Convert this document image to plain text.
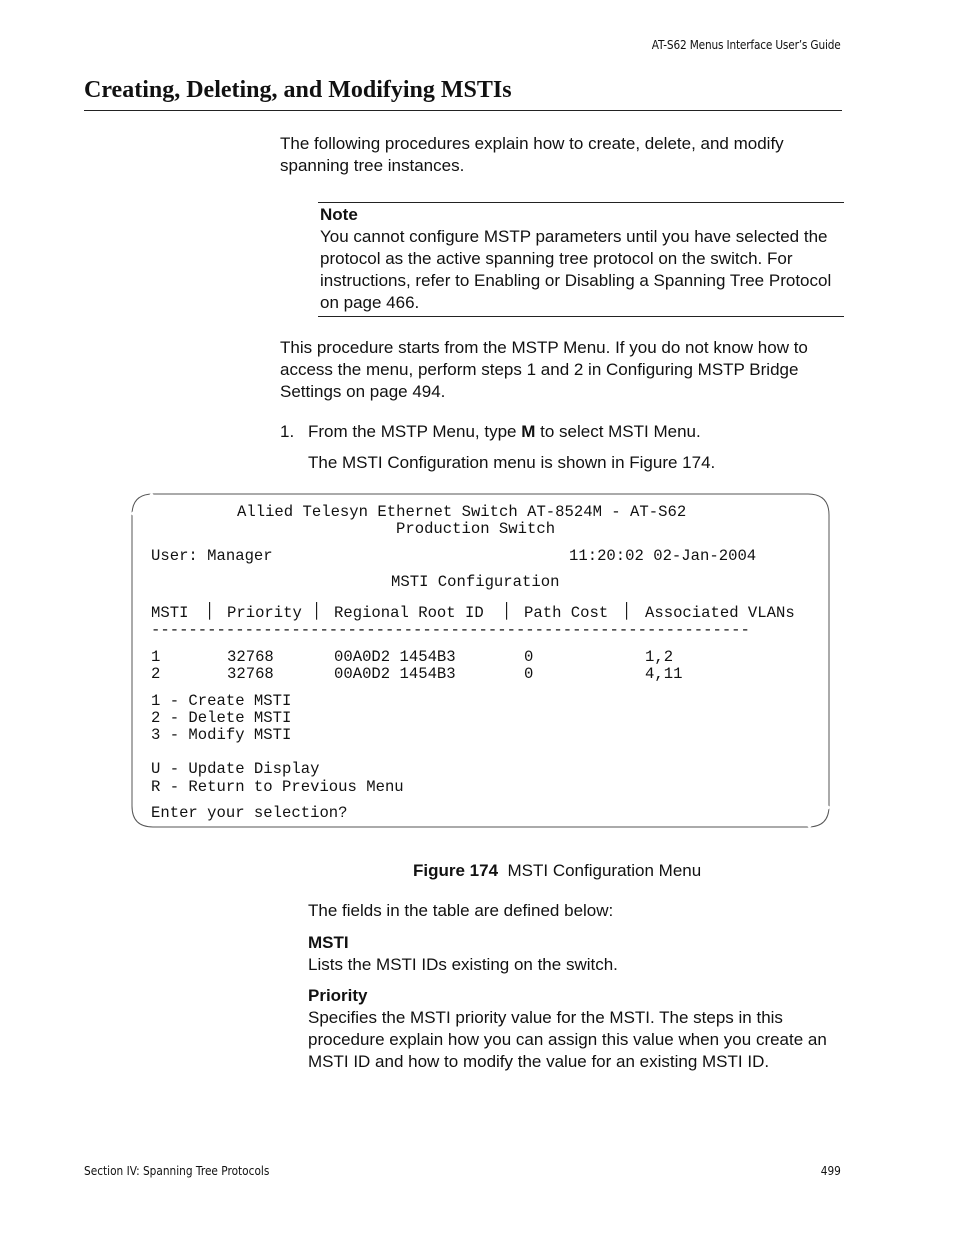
AT-S62 Menus Interface User’s Guide
Creating, Deleting, and Modifying MSTIs
The following procedures explain how to create, delete, and modify spanning tree instances.
Note
You cannot configure MSTP parameters until you have selected the protocol as the active spanning tree protocol on the switch. For instructions, refer to Enabling or Disabling a Spanning Tree Protocol on page 466.
This procedure starts from the MSTP Menu. If you do not know how to access the menu, perform steps 1 and 2 in Configuring MSTP Bridge Settings on page 494.
1. From the MSTP Menu, type M to select MSTI Menu.
The MSTI Configuration menu is shown in Figure 174.
Allied Telesyn Ethernet Switch AT-8524M - AT-S62
Production Switch
User: Manager	11:20:02 02-Jan-2004
MSTI Configuration
MSTI │ Priority │ Regional Root ID │ Path Cost │ Associated VLANs
----------------------------------------------------------------
1	32768	00A0D2 1454B3	0	1,2
2	32768	00A0D2 1454B3	0	4,11
1 - Create MSTI
2 - Delete MSTI
3 - Modify MSTI
U - Update Display
R - Return to Previous Menu
Enter your selection?
Figure 174 MSTI Configuration Menu
The fields in the table are defined below:
MSTI
Lists the MSTI IDs existing on the switch.
Priority
Specifies the MSTI priority value for the MSTI. The steps in this procedure explain how you can assign this value when you create an MSTI ID and how to modify the value for an existing MSTI ID.
Section IV: Spanning Tree Protocols	499
